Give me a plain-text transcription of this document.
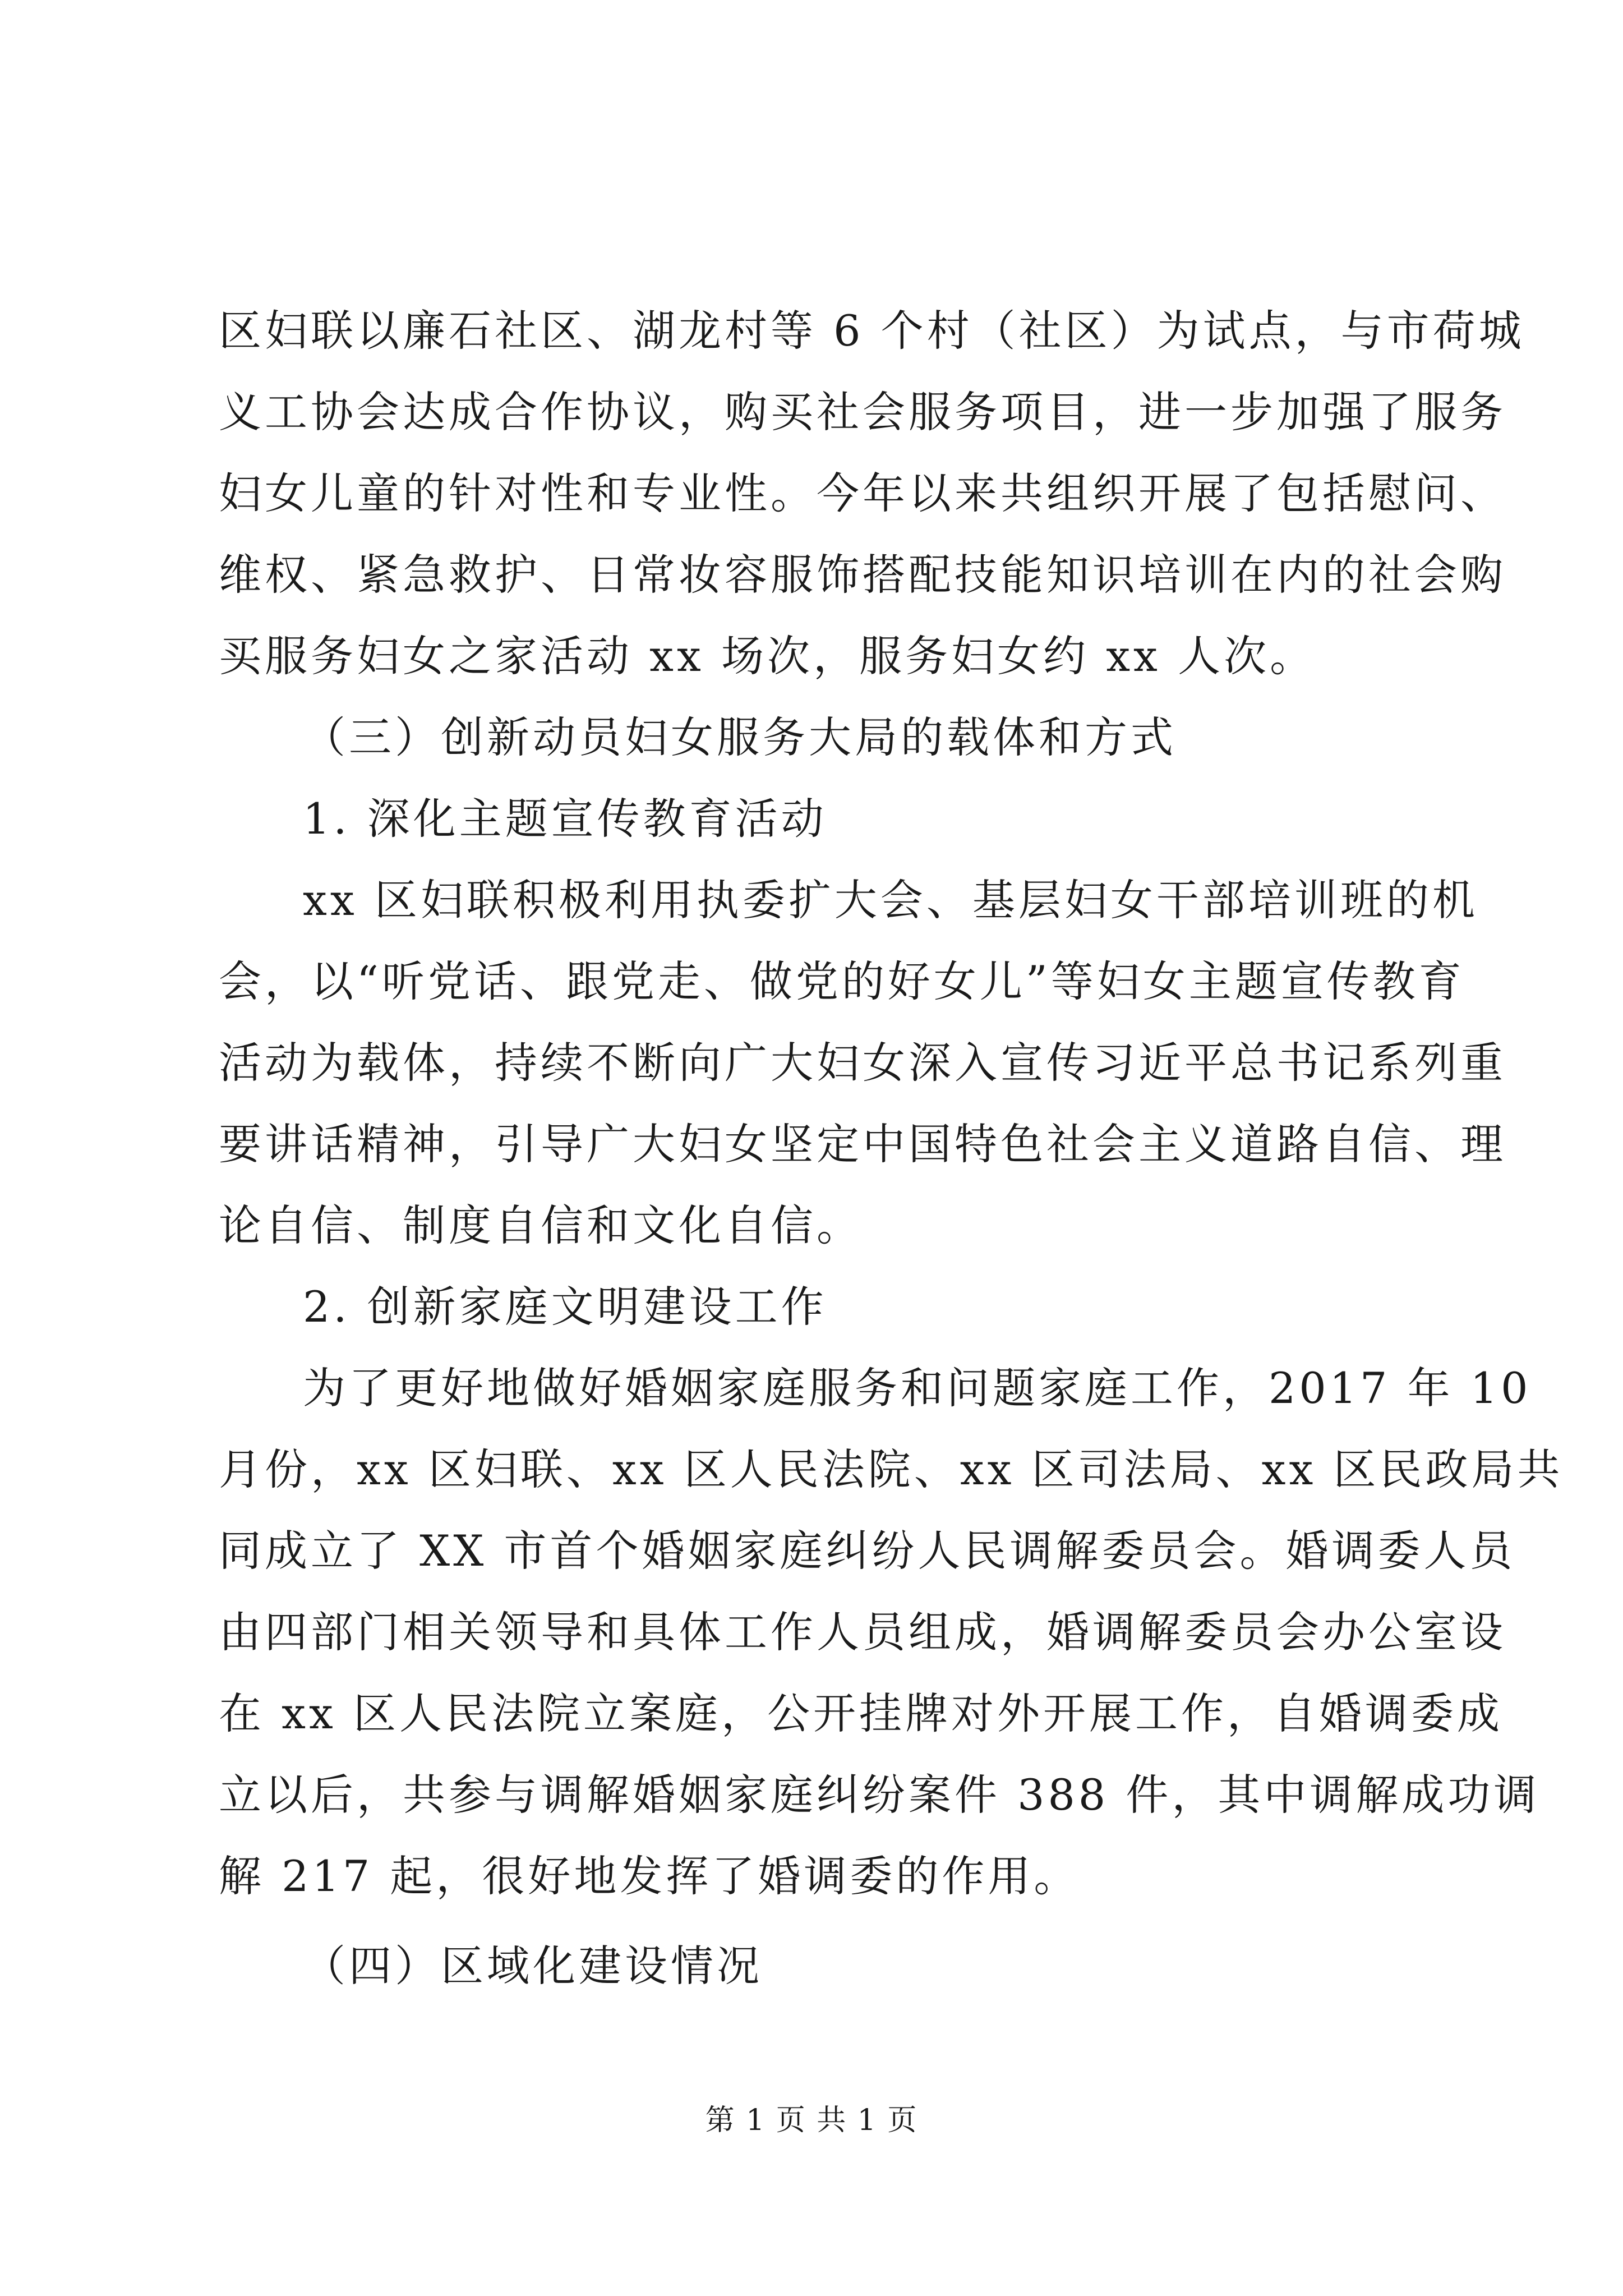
区妇联以廉石社区、湖龙村等 6 个村（社区）为试点，与市荷城
义工协会达成合作协议，购买社会服务项目，进一步加强了服务
妇女儿童的针对性和专业性。今年以来共组织开展了包括慰问、
维权、紧急救护、日常妆容服饰搭配技能知识培训在内的社会购
买服务妇女之家活动 xx 场次，服务妇女约 xx 人次。
（三）创新动员妇女服务大局的载体和方式
1. 深化主题宣传教育活动
xx 区妇联积极利用执委扩大会、基层妇女干部培训班的机
会，以“听党话、跟党走、做党的好女儿”等妇女主题宣传教育
活动为载体，持续不断向广大妇女深入宣传习近平总书记系列重
要讲话精神，引导广大妇女坚定中国特色社会主义道路自信、理
论自信、制度自信和文化自信。
2. 创新家庭文明建设工作
为了更好地做好婚姻家庭服务和问题家庭工作，2017 年 10
月份，xx 区妇联、xx 区人民法院、xx 区司法局、xx 区民政局共
同成立了 XX 市首个婚姻家庭纠纷人民调解委员会。婚调委人员
由四部门相关领导和具体工作人员组成，婚调解委员会办公室设
在 xx 区人民法院立案庭，公开挂牌对外开展工作，自婚调委成
立以后，共参与调解婚姻家庭纠纷案件 388 件，其中调解成功调
解 217 起，很好地发挥了婚调委的作用。
（四）区域化建设情况
第 1 页 共 1 页
